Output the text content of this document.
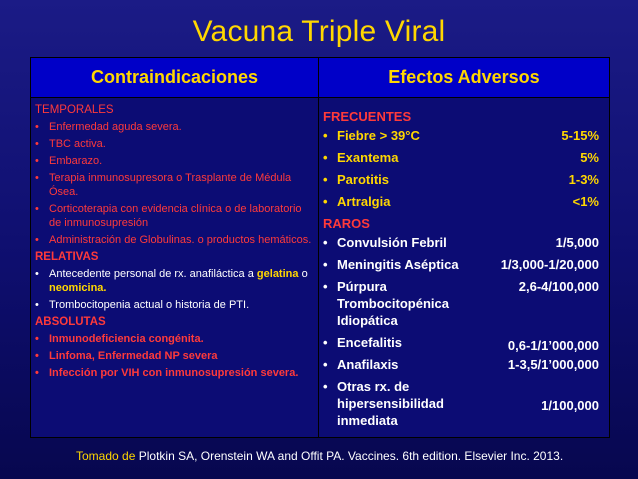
Vacuna Triple Viral
Contraindicaciones	Efectos Adversos
TEMPORALES
• Enfermedad aguda severa.
• TBC activa.
• Embarazo.
• Terapia inmunosupresora o Trasplante de Médula Ósea.
• Corticoterapia con evidencia clínica o de laboratorio de inmunosupresión
• Administración de Globulinas. o productos hemáticos.
RELATIVAS
• Antecedente personal de rx. anafiláctica a gelatina o neomicina.
• Trombocitopenia actual o historia de PTI.
ABSOLUTAS
• Inmunodeficiencia congénita.
• Linfoma, Enfermedad NP severa
• Infección por VIH con inmunosupresión severa.
FRECUENTES
• Fiebre > 39°C	5-15%
• Exantema	5%
• Parotitis	1-3%
• Artralgia	<1%
RAROS
• Convulsión Febril	1/5,000
• Meningitis Aséptica	1/3,000-1/20,000
• Púrpura Trombocitopénica Idiopática
2,6-4/100,000
• Encefalitis	0,6-1/1’000,000
• Anafilaxis	1-3,5/1’000,000
• Otras rx. de hipersensibilidad inmediata
1/100,000
Tomado de Plotkin SA, Orenstein WA and Offit PA. Vaccines. 6th edition. Elsevier Inc. 2013.
